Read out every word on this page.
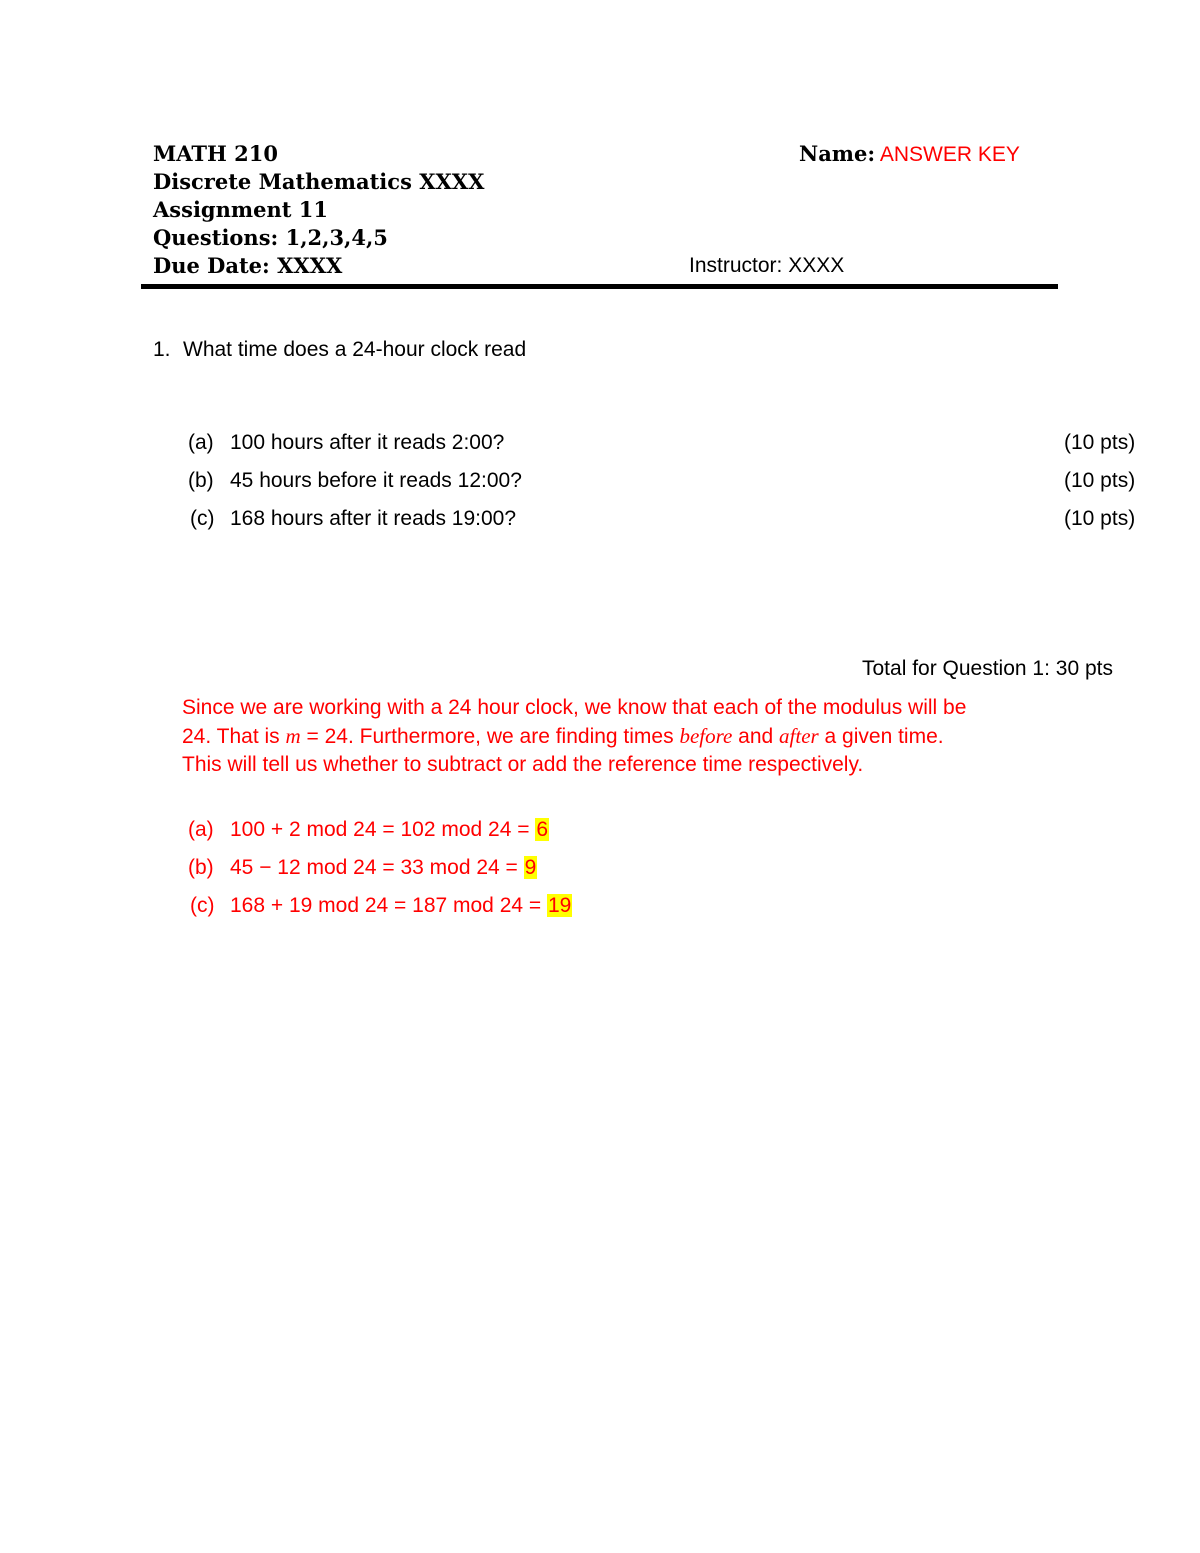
MATH 210
Discrete Mathematics XXXX
Assignment 11
Questions: 1,2,3,4,5
Due Date: XXXX
Name: ANSWER KEY
Instructor: XXXX
1. What time does a 24-hour clock read
(a) 100 hours after it reads 2:00?	(10 pts)
(b) 45 hours before it reads 12:00?	(10 pts)
(c) 168 hours after it reads 19:00?	(10 pts)
Total for Question 1: 30 pts
Since we are working with a 24 hour clock, we know that each of the modulus will be
24. That is m = 24. Furthermore, we are finding times before and after a given time.
This will tell us whether to subtract or add the reference time respectively.
(a) 100 + 2 mod 24 = 102 mod 24 = 6
(b) 45 − 12 mod 24 = 33 mod 24 = 9
(c) 168 + 19 mod 24 = 187 mod 24 = 19
